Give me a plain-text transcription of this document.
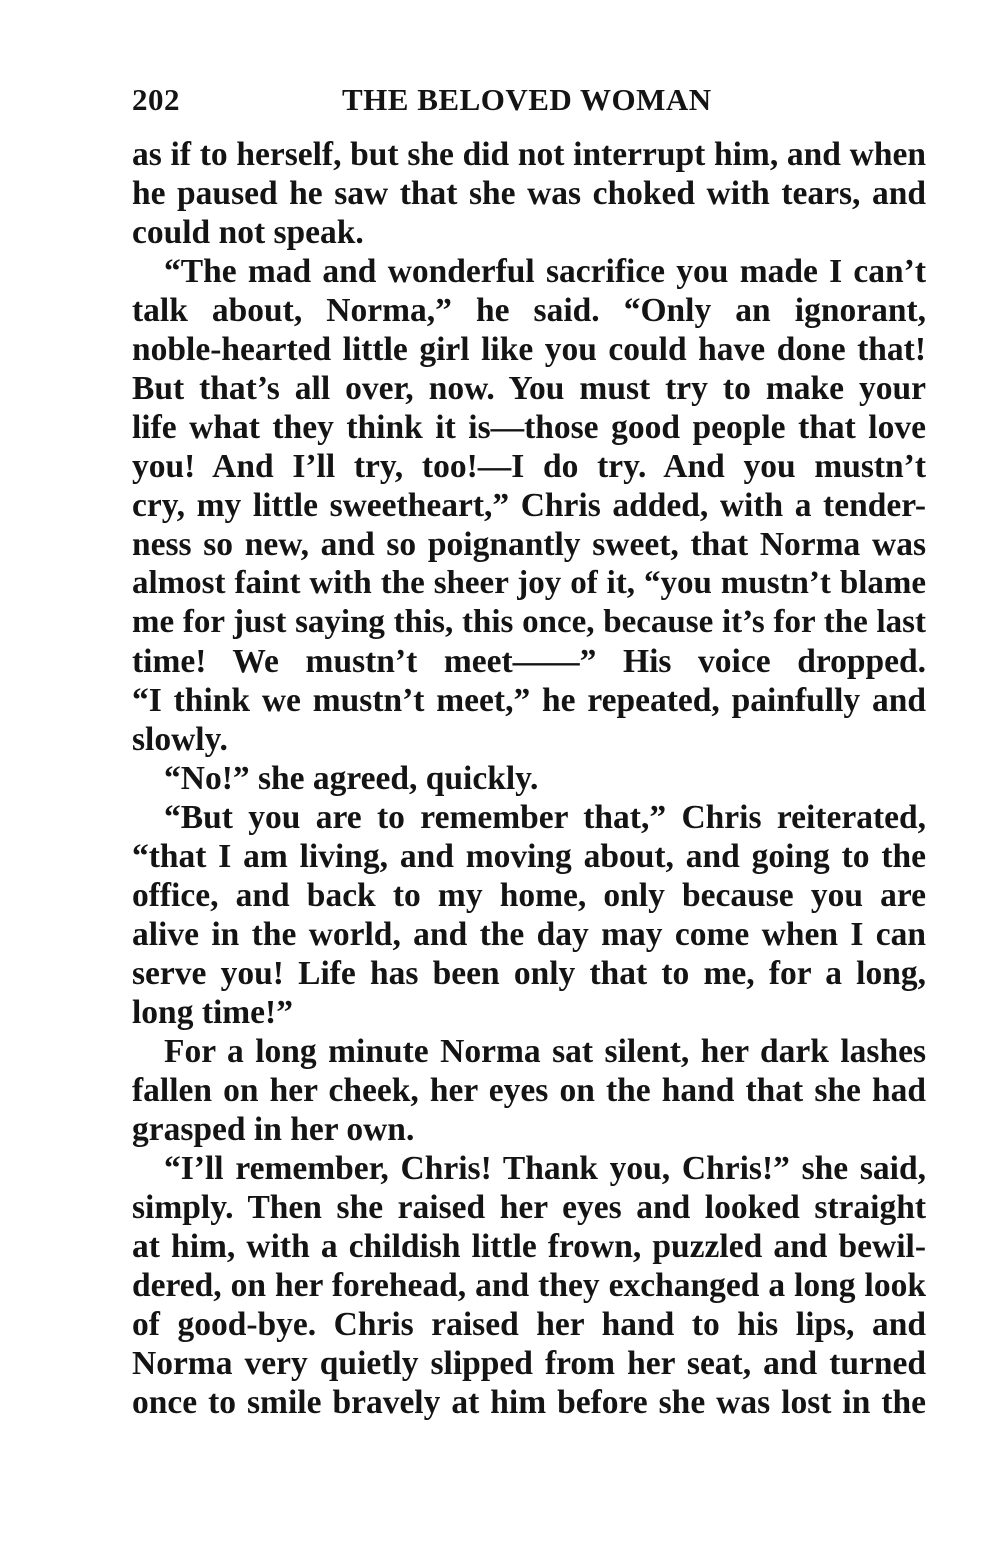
202	THE BELOVED WOMAN
as if to herself, but she did not interrupt him, and when
he paused he saw that she was choked with tears, and
could not speak.
“The mad and wonderful sacrifice you made I can’t
talk about, Norma,” he said. “Only an ignorant,
noble-hearted little girl like you could have done that!
But that’s all over, now. You must try to make your
life what they think it is—those good people that love
you! And I’ll try, too!—I do try. And you mustn’t
cry, my little sweetheart,” Chris added, with a tender-
ness so new, and so poignantly sweet, that Norma was
almost faint with the sheer joy of it, “you mustn’t blame
me for just saying this, this once, because it’s for the last
time! We mustn’t meet——” His voice dropped.
“I think we mustn’t meet,” he repeated, painfully and
slowly.
“No!” she agreed, quickly.
“But you are to remember that,” Chris reiterated,
“that I am living, and moving about, and going to the
office, and back to my home, only because you are
alive in the world, and the day may come when I can
serve you! Life has been only that to me, for a long,
long time!”
For a long minute Norma sat silent, her dark lashes
fallen on her cheek, her eyes on the hand that she had
grasped in her own.
“I’ll remember, Chris! Thank you, Chris!” she said,
simply. Then she raised her eyes and looked straight
at him, with a childish little frown, puzzled and bewil-
dered, on her forehead, and they exchanged a long look
of good-bye. Chris raised her hand to his lips, and
Norma very quietly slipped from her seat, and turned
once to smile bravely at him before she was lost in the
